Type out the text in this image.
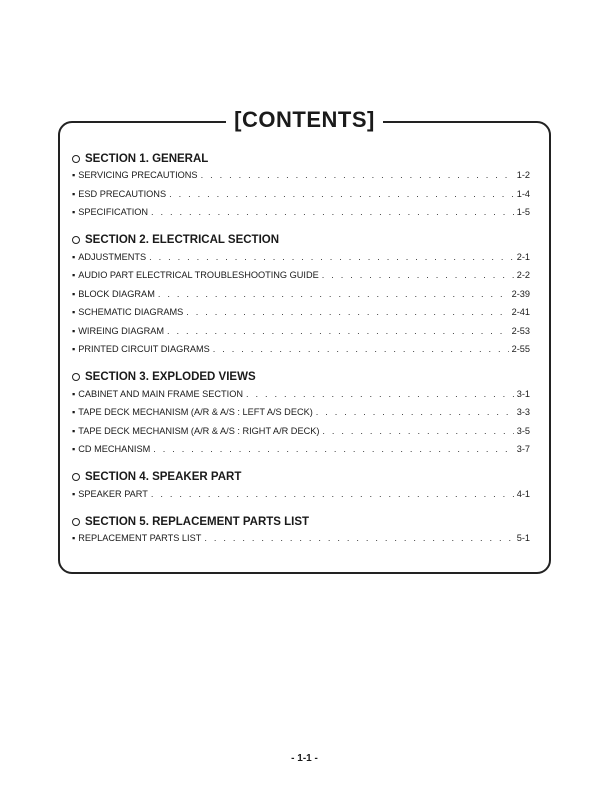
[CONTENTS]
SECTION 1. GENERAL
▪ SERVICING PRECAUTIONS . . .	1-2
▪ ESD PRECAUTIONS . . .	1-4
▪ SPECIFICATION . . .	1-5
SECTION 2. ELECTRICAL SECTION
▪ ADJUSTMENTS . . .	2-1
▪ AUDIO PART ELECTRICAL TROUBLESHOOTING GUIDE . . .	2-2
▪ BLOCK DIAGRAM . . .	2-39
▪ SCHEMATIC DIAGRAMS . . .	2-41
▪ WIREING DIAGRAM . . .	2-53
▪ PRINTED CIRCUIT DIAGRAMS . . .	2-55
SECTION 3. EXPLODED VIEWS
▪ CABINET AND MAIN FRAME SECTION . . .	3-1
▪ TAPE DECK MECHANISM (A/R & A/S : LEFT A/S DECK) . . .	3-3
▪ TAPE DECK MECHANISM (A/R & A/S : RIGHT A/R DECK) . . .	3-5
▪ CD MECHANISM . . .	3-7
SECTION 4. SPEAKER PART
▪ SPEAKER PART . . .	4-1
SECTION 5. REPLACEMENT PARTS LIST
▪ REPLACEMENT PARTS LIST . . .	5-1
- 1-1 -
